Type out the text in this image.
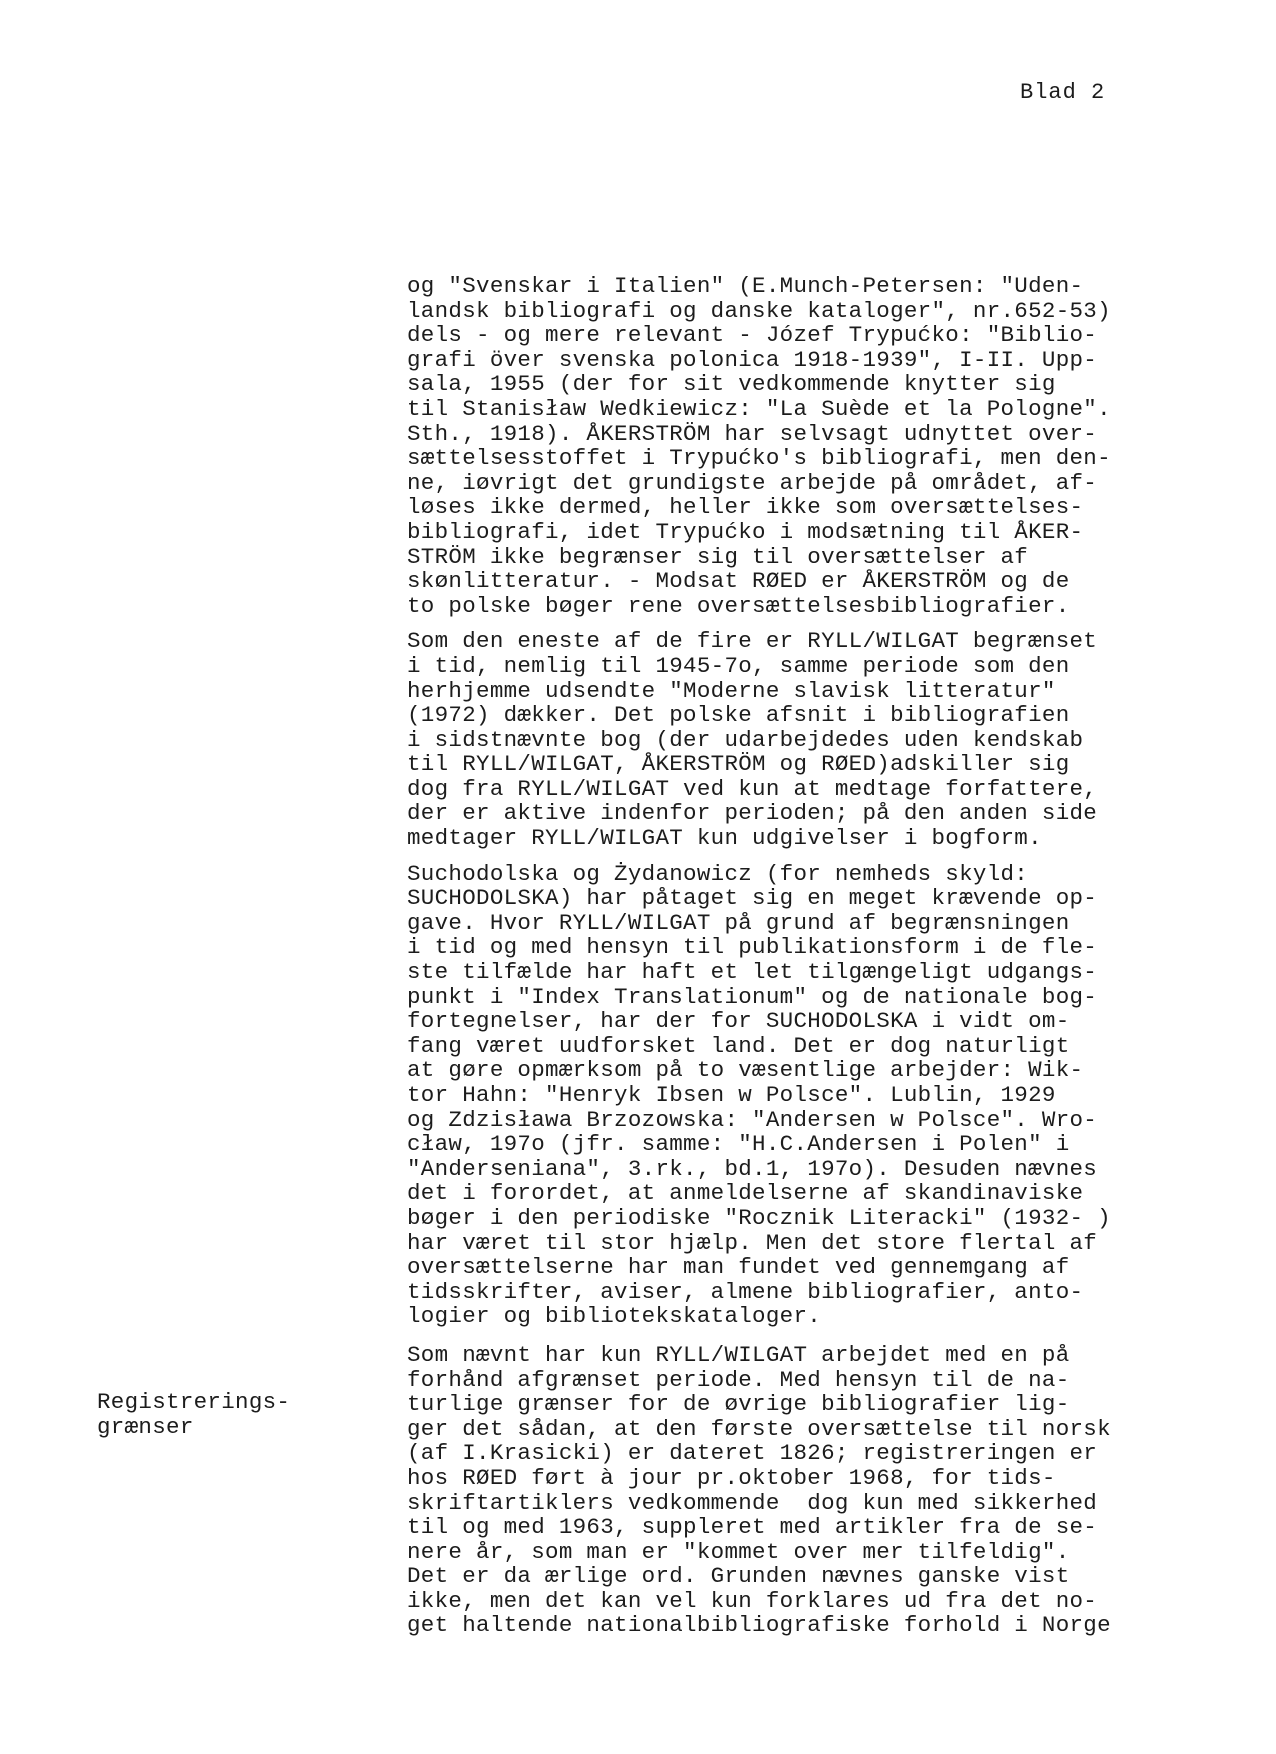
Blad 2
Registrerings-
grænser
og "Svenskar i Italien" (E.Munch-Petersen: "Uden-
landsk bibliografi og danske kataloger", nr.652-53)
dels - og mere relevant - Józef Trypućko: "Biblio-
grafi över svenska polonica 1918-1939", I-II. Upp-
sala, 1955 (der for sit vedkommende knytter sig
til Stanisław Wedkiewicz: "La Suède et la Pologne".
Sth., 1918). ÅKERSTRÖM har selvsagt udnyttet over-
sættelsesstoffet i Trypućko's bibliografi, men den-
ne, iøvrigt det grundigste arbejde på området, af-
løses ikke dermed, heller ikke som oversættelses-
bibliografi, idet Trypućko i modsætning til ÅKER-
STRÖM ikke begrænser sig til oversættelser af
skønlitteratur. - Modsat RØED er ÅKERSTRÖM og de
to polske bøger rene oversættelsesbibliografier.
Som den eneste af de fire er RYLL/WILGAT begrænset
i tid, nemlig til 1945-7o, samme periode som den
herhjemme udsendte "Moderne slavisk litteratur"
(1972) dækker. Det polske afsnit i bibliografien
i sidstnævnte bog (der udarbejdedes uden kendskab
til RYLL/WILGAT, ÅKERSTRÖM og RØED)adskiller sig
dog fra RYLL/WILGAT ved kun at medtage forfattere,
der er aktive indenfor perioden; på den anden side
medtager RYLL/WILGAT kun udgivelser i bogform.
Suchodolska og Żydanowicz (for nemheds skyld:
SUCHODOLSKA) har påtaget sig en meget krævende op-
gave. Hvor RYLL/WILGAT på grund af begrænsningen
i tid og med hensyn til publikationsform i de fle-
ste tilfælde har haft et let tilgængeligt udgangs-
punkt i "Index Translationum" og de nationale bog-
fortegnelser, har der for SUCHODOLSKA i vidt om-
fang været uudforsket land. Det er dog naturligt
at gøre opmærksom på to væsentlige arbejder: Wik-
tor Hahn: "Henryk Ibsen w Polsce". Lublin, 1929
og Zdzisława Brzozowska: "Andersen w Polsce". Wro-
cław, 197o (jfr. samme: "H.C.Andersen i Polen" i
"Anderseniana", 3.rk., bd.1, 197o). Desuden nævnes
det i forordet, at anmeldelserne af skandinaviske
bøger i den periodiske "Rocznik Literacki" (1932- )
har været til stor hjælp. Men det store flertal af
oversættelserne har man fundet ved gennemgang af
tidsskrifter, aviser, almene bibliografier, anto-
logier og bibliotekskataloger.
Som nævnt har kun RYLL/WILGAT arbejdet med en på
forhånd afgrænset periode. Med hensyn til de na-
turlige grænser for de øvrige bibliografier lig-
ger det sådan, at den første oversættelse til norsk
(af I.Krasicki) er dateret 1826; registreringen er
hos RØED ført à jour pr.oktober 1968, for tids-
skriftartiklers vedkommende  dog kun med sikkerhed
til og med 1963, suppleret med artikler fra de se-
nere år, som man er "kommet over mer tilfeldig".
Det er da ærlige ord. Grunden nævnes ganske vist
ikke, men det kan vel kun forklares ud fra det no-
get haltende nationalbibliografiske forhold i Norge
